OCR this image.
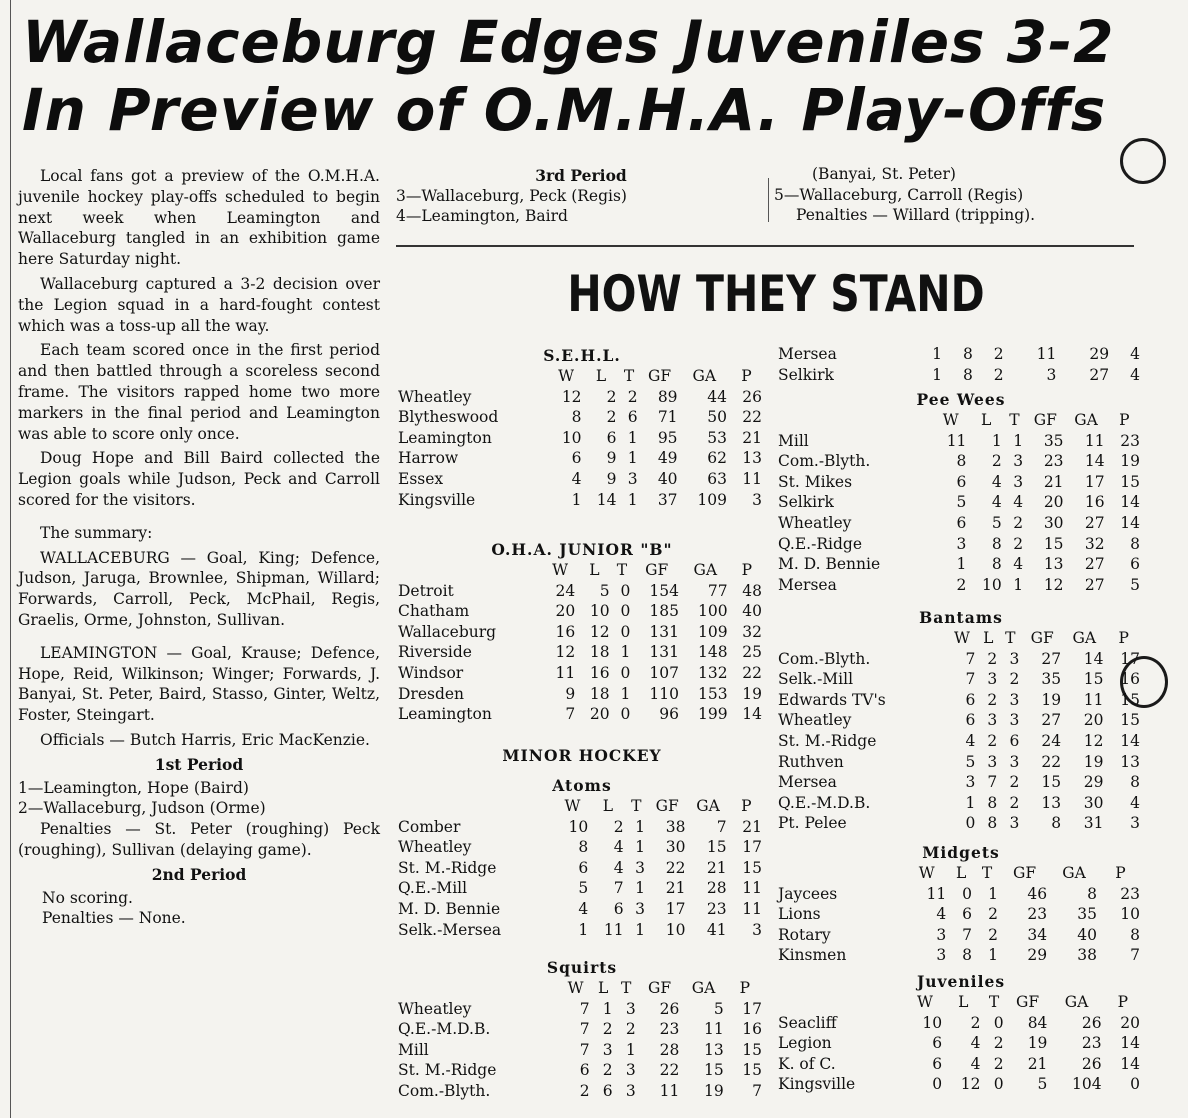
Wallaceburg Edges Juveniles 3-2
In Preview of O.M.H.A. Play-Offs

Local fans got a preview of the O.M.H.A. juvenile hockey play-offs scheduled to begin next week when Leamington and Wallaceburg tangled in an exhibition game here Saturday night.

Wallaceburg captured a 3-2 decision over the Legion squad in a hard-fought contest which was a toss-up all the way.

Each team scored once in the first period and then battled through a scoreless second frame. The visitors rapped home two more markers in the final period and Leamington was able to score only once.

Doug Hope and Bill Baird collected the Legion goals while Judson, Peck and Carroll scored for the visitors.

The summary:

WALLACEBURG — Goal, King; Defence, Judson, Jaruga, Brownlee, Shipman, Willard; Forwards, Carroll, Peck, McPhail, Regis, Graelis, Orme, Johnston, Sullivan.

LEAMINGTON — Goal, Krause; Defence, Hope, Reid, Wilkinson; Winger; Forwards, J. Banyai, St. Peter, Baird, Stasso, Ginter, Weltz, Foster, Steingart.

Officials — Butch Harris, Eric MacKenzie.

1st Period
1—Leamington, Hope (Baird)
2—Wallaceburg, Judson (Orme)

Penalties — St. Peter (roughing) Peck (roughing), Sullivan (delaying game).

2nd Period
No scoring.
Penalties — None.
3rd Period
3—Wallaceburg, Peck (Regis)
4—Leamington, Baird
(Banyai, St. Peter)
5—Wallaceburg, Carroll (Regis)
Penalties — Willard (tripping).
HOW THEY STAND
S.E.H.L.
	W	L	T	GF	GA	P
Wheatley	12	2	2	89	44	26
Blytheswood	8	2	6	71	50	22
Leamington	10	6	1	95	53	21
Harrow	6	9	1	49	62	13
Essex	4	9	3	40	63	11
Kingsville	1	14	1	37	109	3
O.H.A. JUNIOR "B"
	W	L	T	GF	GA	P
Detroit	24	5	0	154	77	48
Chatham	20	10	0	185	100	40
Wallaceburg	16	12	0	131	109	32
Riverside	12	18	1	131	148	25
Windsor	11	16	0	107	132	22
Dresden	9	18	1	110	153	19
Leamington	7	20	0	96	199	14
MINOR HOCKEY
Atoms
	W	L	T	GF	GA	P
Comber	10	2	1	38	7	21
Wheatley	8	4	1	30	15	17
St. M.-Ridge	6	4	3	22	21	15
Q.E.-Mill	5	7	1	21	28	11
M. D. Bennie	4	6	3	17	23	11
Selk.-Mersea	1	11	1	10	41	3
Squirts
	W	L	T	GF	GA	P
Wheatley	7	1	3	26	5	17
Q.E.-M.D.B.	7	2	2	23	11	16
Mill	7	3	1	28	13	15
St. M.-Ridge	6	2	3	22	15	15
Com.-Blyth.	2	6	3	11	19	7
Mersea	1	8	2	11	29	4
Selkirk	1	8	2	3	27	4
Pee Wees
	W	L	T	GF	GA	P
Mill	11	1	1	35	11	23
Com.-Blyth.	8	2	3	23	14	19
St. Mikes	6	4	3	21	17	15
Selkirk	5	4	4	20	16	14
Wheatley	6	5	2	30	27	14
Q.E.-Ridge	3	8	2	15	32	8
M. D. Bennie	1	8	4	13	27	6
Mersea	2	10	1	12	27	5
Bantams
	W	L	T	GF	GA	P
Com.-Blyth.	7	2	3	27	14	17
Selk.-Mill	7	3	2	35	15	16
Edwards TV's	6	2	3	19	11	15
Wheatley	6	3	3	27	20	15
St. M.-Ridge	4	2	6	24	12	14
Ruthven	5	3	3	22	19	13
Mersea	3	7	2	15	29	8
Q.E.-M.D.B.	1	8	2	13	30	4
Pt. Pelee	0	8	3	8	31	3
Midgets
	W	L	T	GF	GA	P
Jaycees	11	0	1	46	8	23
Lions	4	6	2	23	35	10
Rotary	3	7	2	34	40	8
Kinsmen	3	8	1	29	38	7
Juveniles
	W	L	T	GF	GA	P
Seacliff	10	2	0	84	26	20
Legion	6	4	2	19	23	14
K. of C.	6	4	2	21	26	14
Kingsville	0	12	0	5	104	0
